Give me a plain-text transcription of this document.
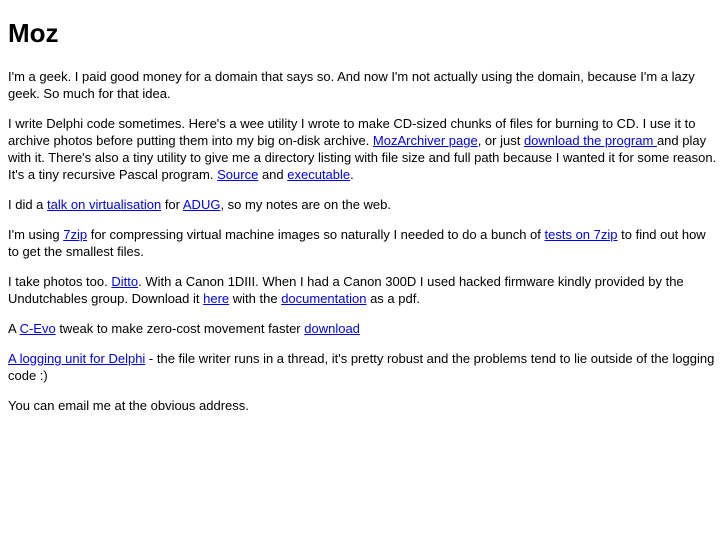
Moz

I'm a geek. I paid good money for a domain that says so. And now I'm not actually using the domain, because I'm a lazy geek. So much for that idea.

I write Delphi code sometimes. Here's a wee utility I wrote to make CD-sized chunks of files for burning to CD. I use it to archive photos before putting them into my big on-disk archive. MozArchiver page, or just download the program and play with it. There's also a tiny utility to give me a directory listing with file size and full path because I wanted it for some reason. It's a tiny recursive Pascal program. Source and executable.

I did a talk on virtualisation for ADUG, so my notes are on the web.

I'm using 7zip for compressing virtual machine images so naturally I needed to do a bunch of tests on 7zip to find out how to get the smallest files.

I take photos too. Ditto. With a Canon 1DIII. When I had a Canon 300D I used hacked firmware kindly provided by the Undutchables group. Download it here with the documentation as a pdf.

A C-Evo tweak to make zero-cost movement faster download

A logging unit for Delphi - the file writer runs in a thread, it's pretty robust and the problems tend to lie outside of the logging code :)

You can email me at the obvious address.
